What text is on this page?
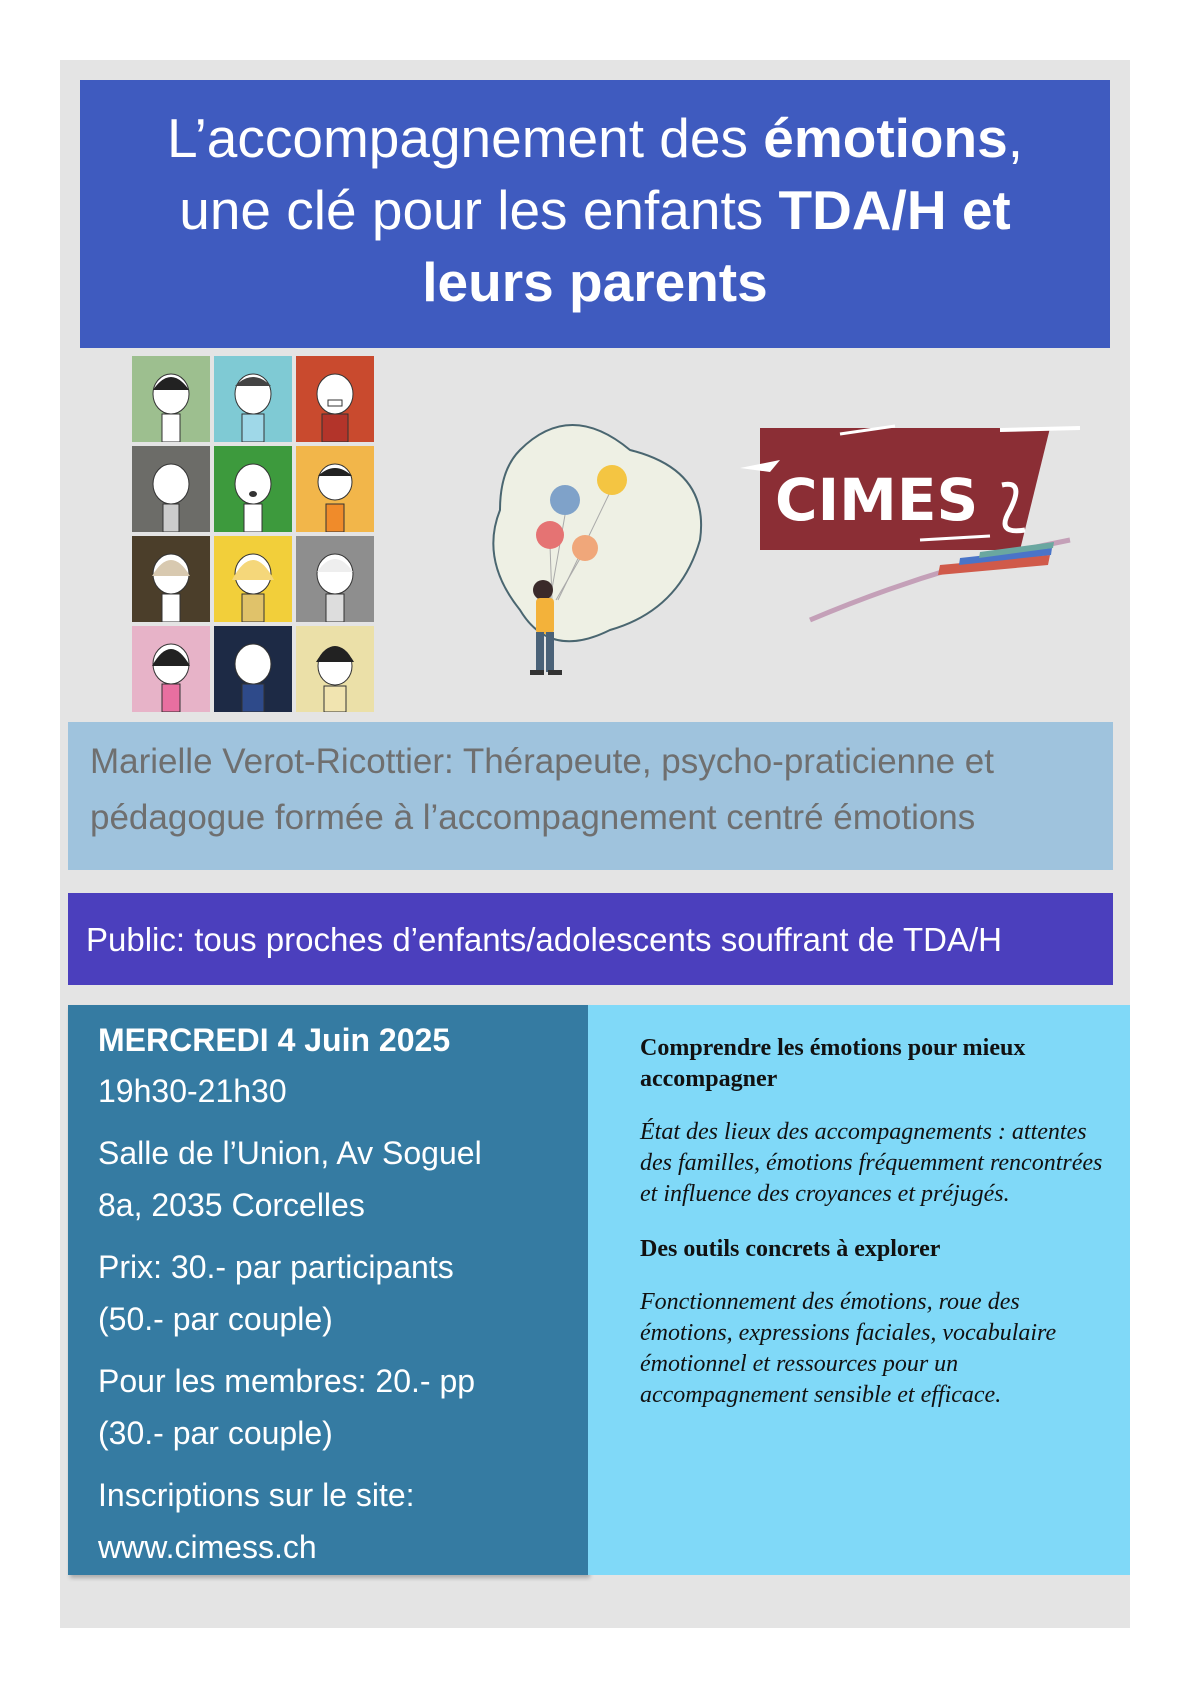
L’accompagnement des émotions,
une clé pour les enfants TDA/H et
leurs parents
CIMES
Marielle Verot-Ricottier: Thérapeute, psycho-praticienne et
pédagogue formée à l’accompagnement centré émotions
Public: tous proches d’enfants/adolescents souffrant de TDA/H
MERCREDI 4 Juin 2025
19h30-21h30
Salle de l’Union, Av Soguel
8a, 2035 Corcelles
Prix: 30.- par participants
(50.- par couple)
Pour les membres: 20.- pp
(30.- par couple)
Inscriptions sur le site:
www.cimess.ch
Comprendre les émotions pour mieux accompagner
État des lieux des accompagnements : attentes des familles, émotions fréquemment rencontrées et influence des croyances et préjugés.
Des outils concrets à explorer
Fonctionnement des émotions, roue des émotions, expressions faciales, vocabulaire émotionnel et ressources pour un accompagnement sensible et efficace.
